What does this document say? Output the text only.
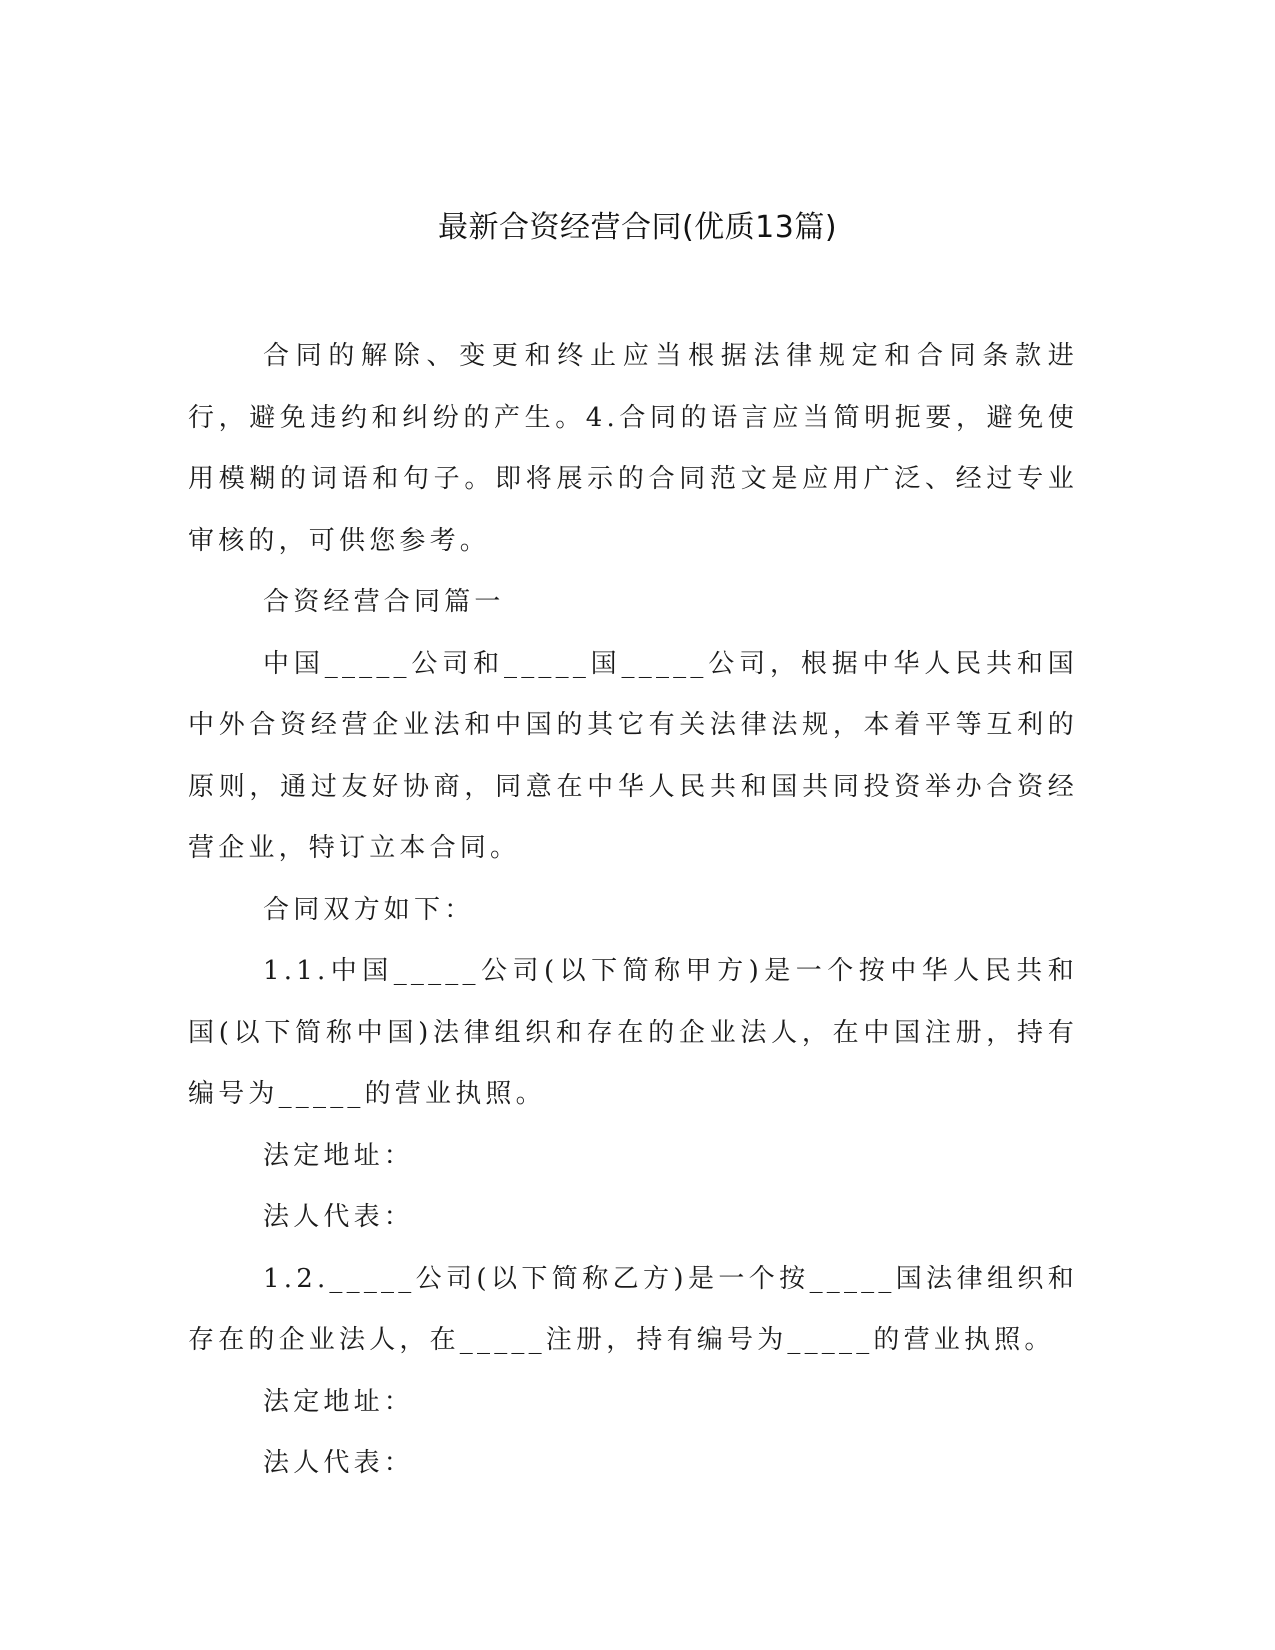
最新合资经营合同(优质13篇)

合同的解除、变更和终止应当根据法律规定和合同条款进行，避免违约和纠纷的产生。4.合同的语言应当简明扼要，避免使用模糊的词语和句子。即将展示的合同范文是应用广泛、经过专业审核的，可供您参考。

合资经营合同篇一

中国_____公司和_____国_____公司，根据中华人民共和国中外合资经营企业法和中国的其它有关法律法规，本着平等互利的原则，通过友好协商，同意在中华人民共和国共同投资举办合资经营企业，特订立本合同。

合同双方如下：

1.1.中国_____公司(以下简称甲方)是一个按中华人民共和国(以下简称中国)法律组织和存在的企业法人，在中国注册，持有编号为_____的营业执照。

法定地址：

法人代表：

1.2._____公司(以下简称乙方)是一个按_____国法律组织和存在的企业法人，在_____注册，持有编号为_____的营业执照。

法定地址：

法人代表：
